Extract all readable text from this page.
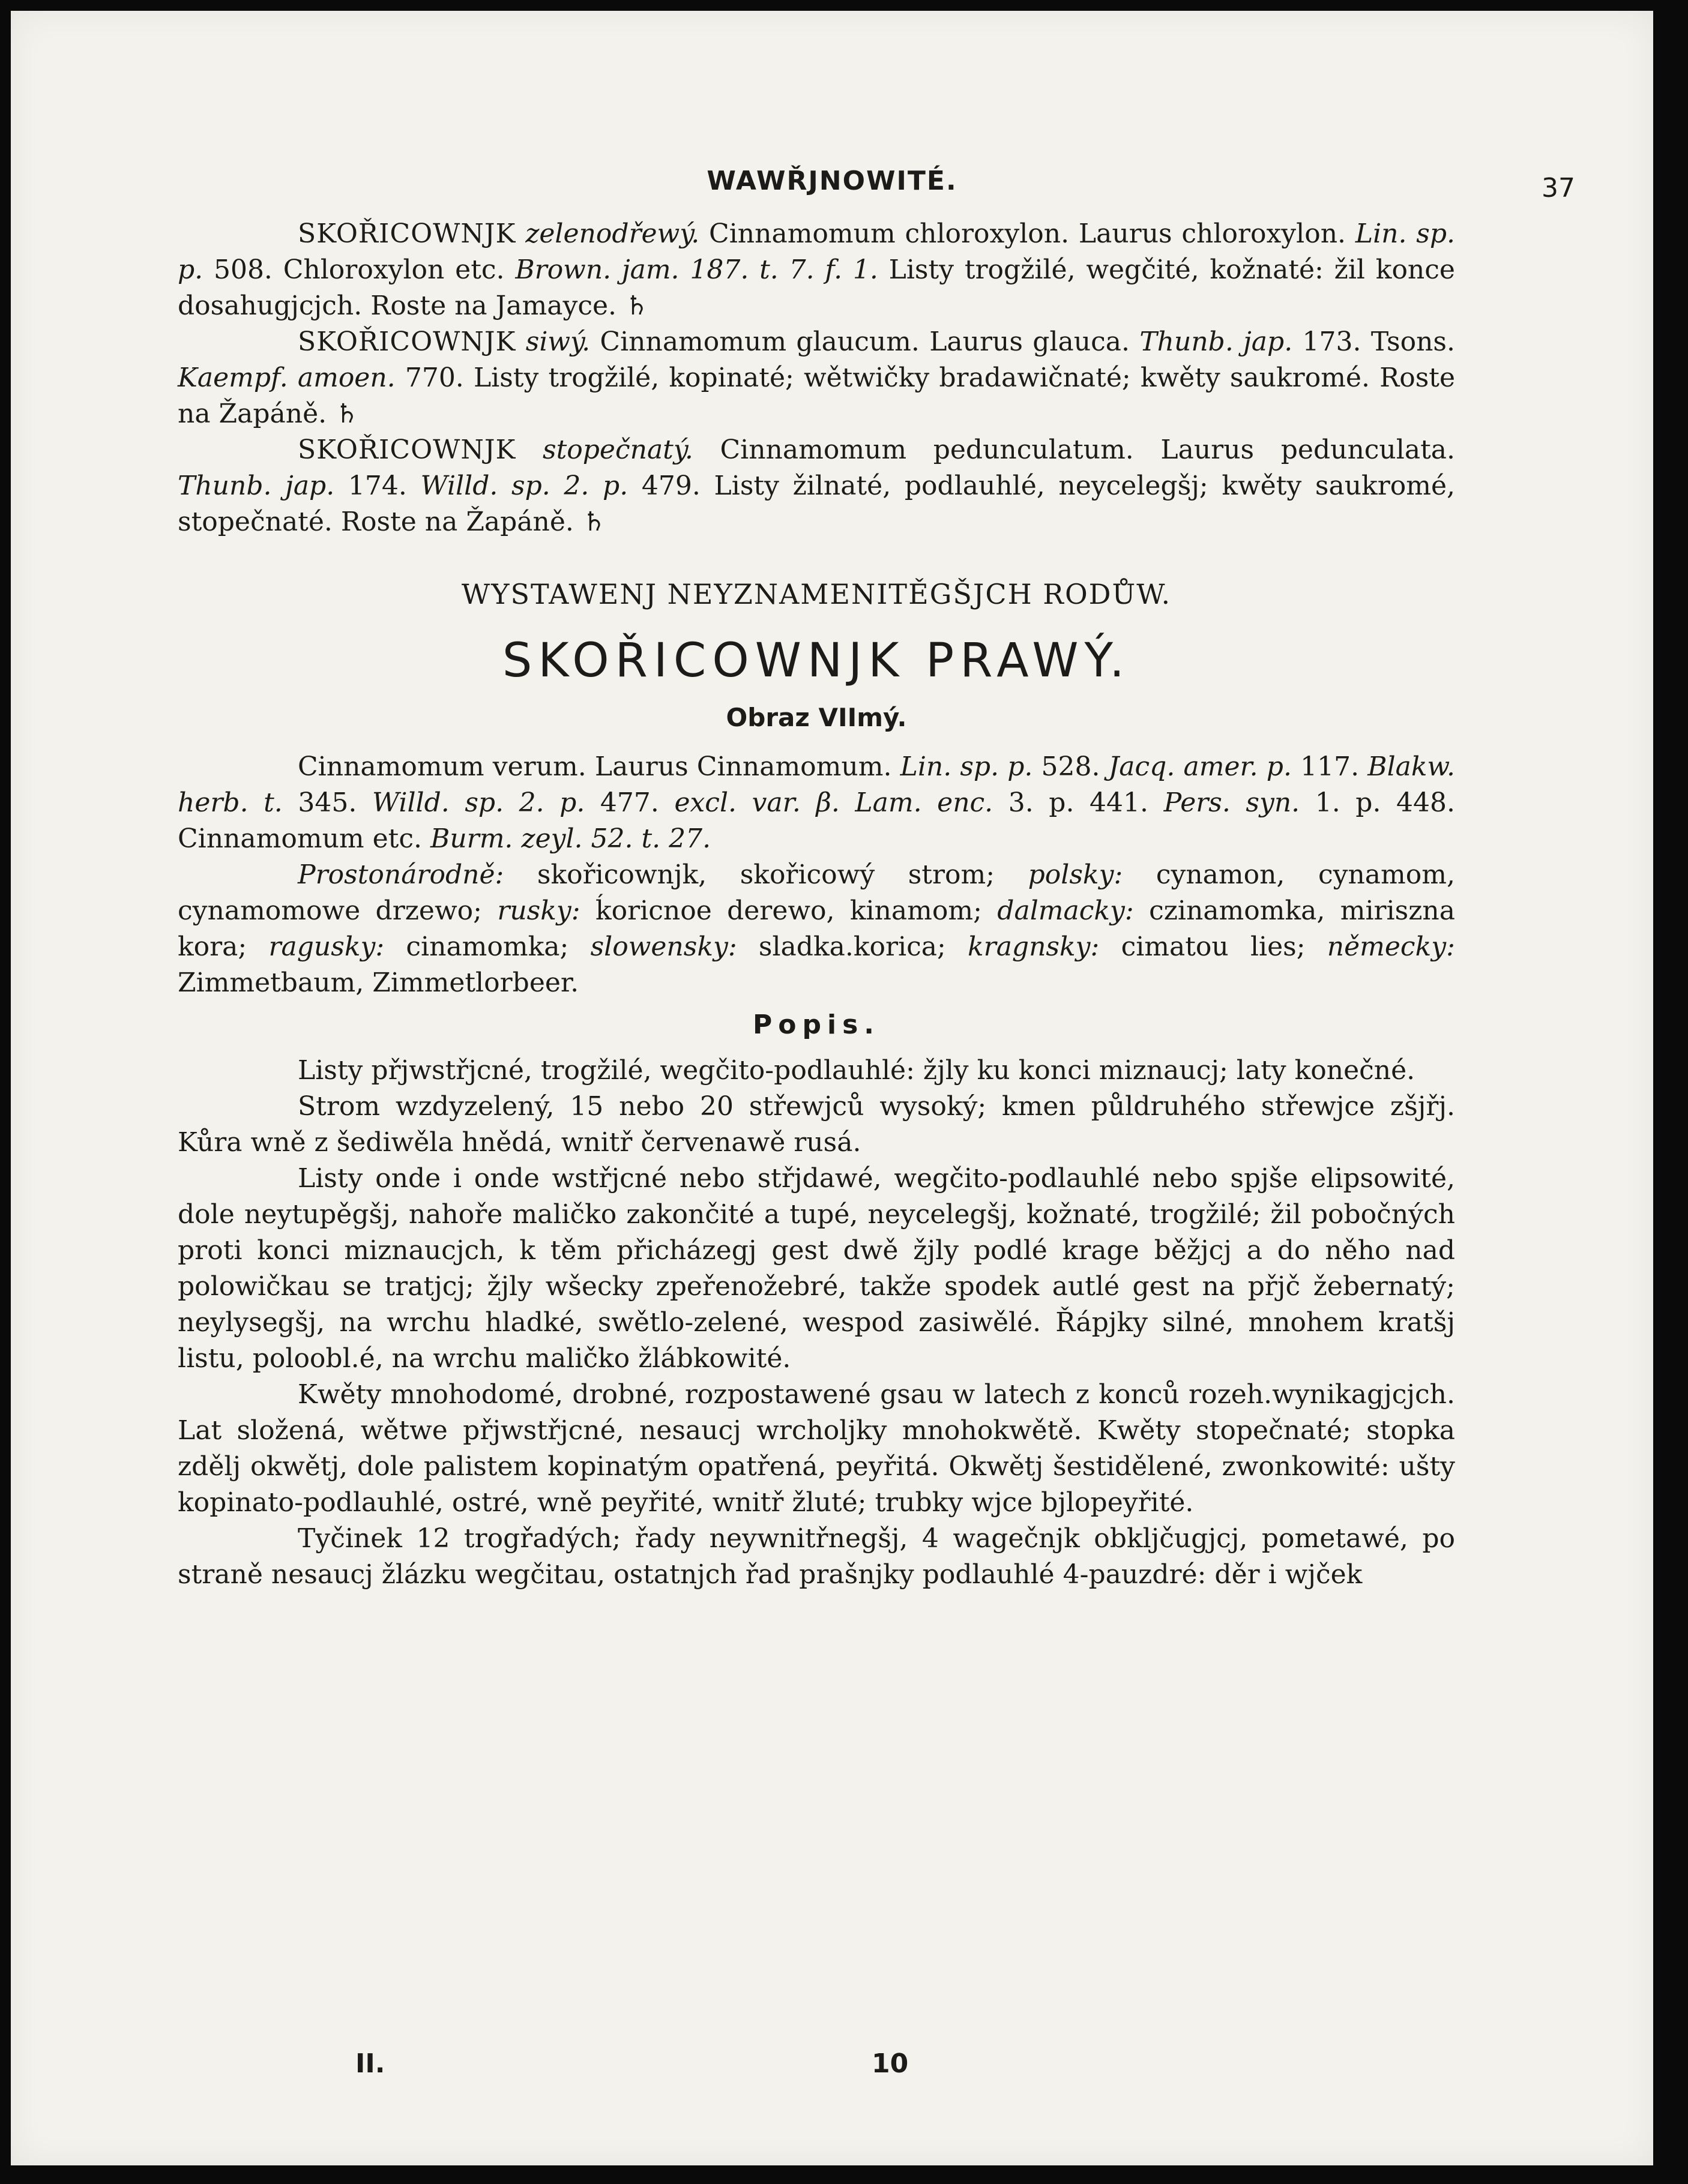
WAWŘJNOWITÉ.	37

SKOŘICOWNJK zelenodřewý. Cinnamomum chloroxylon. Laurus chloroxylon. Lin. sp. p. 508. Chloroxylon etc. Brown. jam. 187. t. 7. f. 1. Listy trogžilé, wegčité, kožnaté: žil konce dosahugjcjch. Roste na Jamayce. ♄

SKOŘICOWNJK siwý. Cinnamomum glaucum. Laurus glauca. Thunb. jap. 173. Tsons. Kaempf. amoen. 770. Listy trogžilé, kopinaté; wětwičky bradawičnaté; kwěty saukromé. Roste na Žapáně. ♄

SKOŘICOWNJK stopečnatý. Cinnamomum pedunculatum. Laurus pedunculata. Thunb. jap. 174. Willd. sp. 2. p. 479. Listy žilnaté, podlauhlé, neycelegšj; kwěty saukromé, stopečnaté. Roste na Žapáně. ♄

WYSTAWENJ NEYZNAMENITĚGŠJCH RODŮW.

SKOŘICOWNJK PRAWÝ.

Obraz VIImý.

Cinnamomum verum. Laurus Cinnamomum. Lin. sp. p. 528. Jacq. amer. p. 117. Blakw. herb. t. 345. Willd. sp. 2. p. 477. excl. var. β. Lam. enc. 3. p. 441. Pers. syn. 1. p. 448. Cinnamomum etc. Burm. zeyl. 52. t. 27.

Prostonárodně: skořicownjk, skořicowý strom; polsky: cynamon, cynamom, cynamomowe drzewo; rusky: ḱoricnoe derewo, kinamom; dalmacky: czinamomka, miriszna kora; ragusky: cinamomka; slowensky: sladka.korica; kragnsky: cimatou lies; německy: Zimmetbaum, Zimmetlorbeer.

Popis.

Listy přjwstřjcné, trogžilé, wegčito-podlauhlé: žjly ku konci miznaucj; laty konečné.

Strom wzdyzelený, 15 nebo 20 střewjců wysoký; kmen půldruhého střewjce zšjřj. Kůra wně z šediwěla hnědá, wnitř červenawě rusá.

Listy onde i onde wstřjcné nebo střjdawé, wegčito-podlauhlé nebo spjše elipsowité, dole neytupěgšj, nahoře maličko zakončité a tupé, neycelegšj, kožnaté, trogžilé; žil pobočných proti konci miznaucjch, k těm přicházegj gest dwě žjly podlé krage běžjcj a do něho nad polowičkau se tratjcj; žjly wšecky zpeřenožebré, takže spodek autlé gest na přjč žebernatý; neylysegšj, na wrchu hladké, swětlo-zelené, wespod zasiwělé. Řápjky silné, mnohem kratšj listu, poloobl.é, na wrchu maličko žlábkowité.

Kwěty mnohodomé, drobné, rozpostawené gsau w latech z konců rozeh.wynikagjcjch. Lat složená, wětwe přjwstřjcné, nesaucj wrcholjky mnohokwětě. Kwěty stopečnaté; stopka zdělj okwětj, dole palistem kopinatým opatřená, peyřitá. Okwětj šestidělené, zwonkowité: ušty kopinato-podlauhlé, ostré, wně peyřité, wnitř žluté; trubky wjce bjlopeyřité.

Tyčinek 12 trogřadých; řady neywnitřnegšj, 4 wagečnjk obkljčugjcj, pometawé, po straně nesaucj žlázku wegčitau, ostatnjch řad prašnjky podlauhlé 4-pauzdré: děr i wjček

II.	10
